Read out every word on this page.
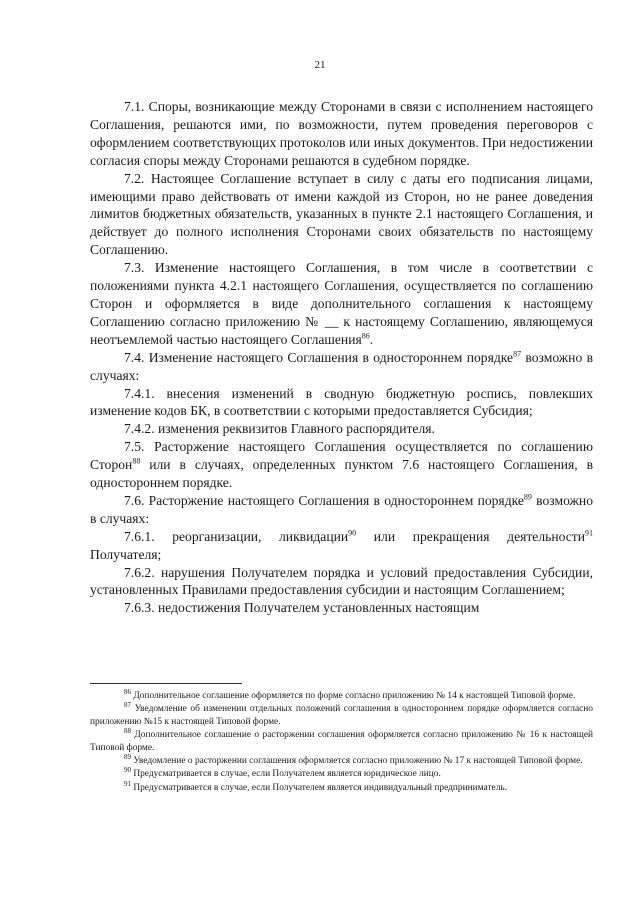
21

7.1. Споры, возникающие между Сторонами в связи с исполнением настоящего Соглашения, решаются ими, по возможности, путем проведения переговоров с оформлением соответствующих протоколов или иных документов. При недостижении согласия споры между Сторонами решаются в судебном порядке.

7.2. Настоящее Соглашение вступает в силу с даты его подписания лицами, имеющими право действовать от имени каждой из Сторон, но не ранее доведения лимитов бюджетных обязательств, указанных в пункте 2.1 настоящего Соглашения, и действует до полного исполнения Сторонами своих обязательств по настоящему Соглашению.

7.3. Изменение настоящего Соглашения, в том числе в соответствии с положениями пункта 4.2.1 настоящего Соглашения, осуществляется по соглашению Сторон и оформляется в виде дополнительного соглашения к настоящему Соглашению согласно приложению № __ к настоящему Соглашению, являющемуся неотъемлемой частью настоящего Соглашения$^{86}$.

7.4. Изменение настоящего Соглашения в одностороннем порядке$^{87}$ возможно в случаях:

7.4.1. внесения изменений в сводную бюджетную роспись, повлекших изменение кодов БК, в соответствии с которыми предоставляется Субсидия;

7.4.2. изменения реквизитов Главного распорядителя.

7.5. Расторжение настоящего Соглашения осуществляется по соглашению Сторон$^{88}$ или в случаях, определенных пунктом 7.6 настоящего Соглашения, в одностороннем порядке.

7.6. Расторжение настоящего Соглашения в одностороннем порядке$^{89}$ возможно в случаях:

7.6.1. реорганизации, ликвидации$^{90}$ или прекращения деятельности$^{91}$ Получателя;

7.6.2. нарушения Получателем порядка и условий предоставления Субсидии, установленных Правилами предоставления субсидии и настоящим Соглашением;

7.6.3. недостижения Получателем установленных настоящим

$^{86}$ Дополнительное соглашение оформляется по форме согласно приложению № 14 к настоящей Типовой форме.

$^{87}$ Уведомление об изменении отдельных положений соглашения в одностороннем порядке оформляется согласно приложению №15 к настоящей Типовой форме.

$^{88}$ Дополнительное соглашение о расторжении соглашения оформляется согласно приложению № 16 к настоящей Типовой форме.

$^{89}$ Уведомление о расторжении соглашения оформляется согласно приложению № 17 к настоящей Типовой форме.

$^{90}$ Предусматривается в случае, если Получателем является юридическое лицо.

$^{91}$ Предусматривается в случае, если Получателем является индивидуальный предприниматель.
